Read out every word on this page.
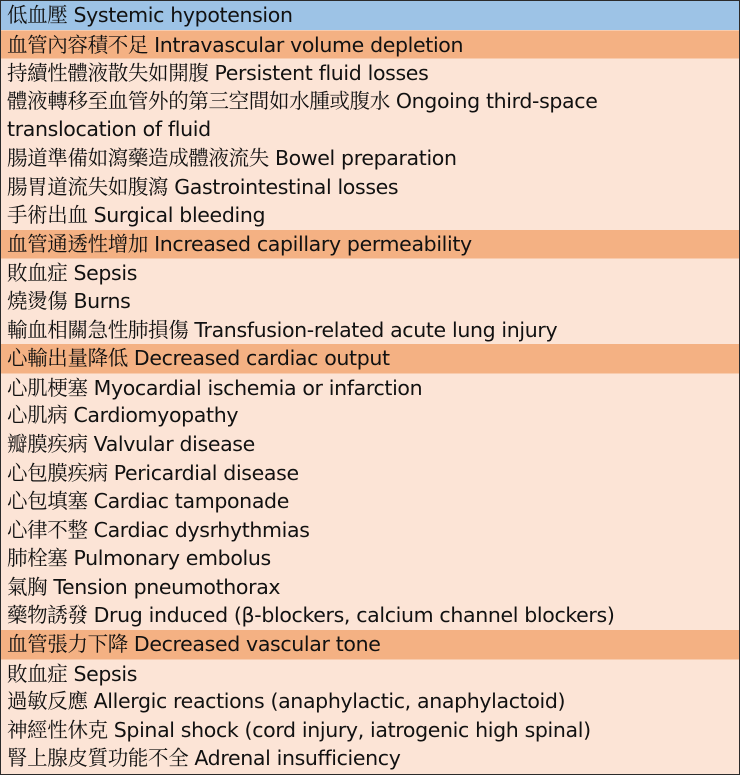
低血壓 Systemic hypotension
血管內容積不足 Intravascular volume depletion
持續性體液散失如開腹 Persistent fluid losses
體液轉移至血管外的第三空間如水腫或腹水 Ongoing third-space translocation of fluid
腸道準備如瀉藥造成體液流失 Bowel preparation
腸胃道流失如腹瀉 Gastrointestinal losses
手術出血 Surgical bleeding
血管通透性增加 Increased capillary permeability
敗血症 Sepsis
燒燙傷 Burns
輸血相關急性肺損傷 Transfusion-related acute lung injury
心輸出量降低 Decreased cardiac output
心肌梗塞 Myocardial ischemia or infarction
心肌病 Cardiomyopathy
瓣膜疾病 Valvular disease
心包膜疾病 Pericardial disease
心包填塞 Cardiac tamponade
心律不整 Cardiac dysrhythmias
肺栓塞 Pulmonary embolus
氣胸 Tension pneumothorax
藥物誘發 Drug induced (β-blockers, calcium channel blockers)
血管張力下降 Decreased vascular tone
敗血症 Sepsis
過敏反應 Allergic reactions (anaphylactic, anaphylactoid)
神經性休克 Spinal shock (cord injury, iatrogenic high spinal)
腎上腺皮質功能不全 Adrenal insufficiency
